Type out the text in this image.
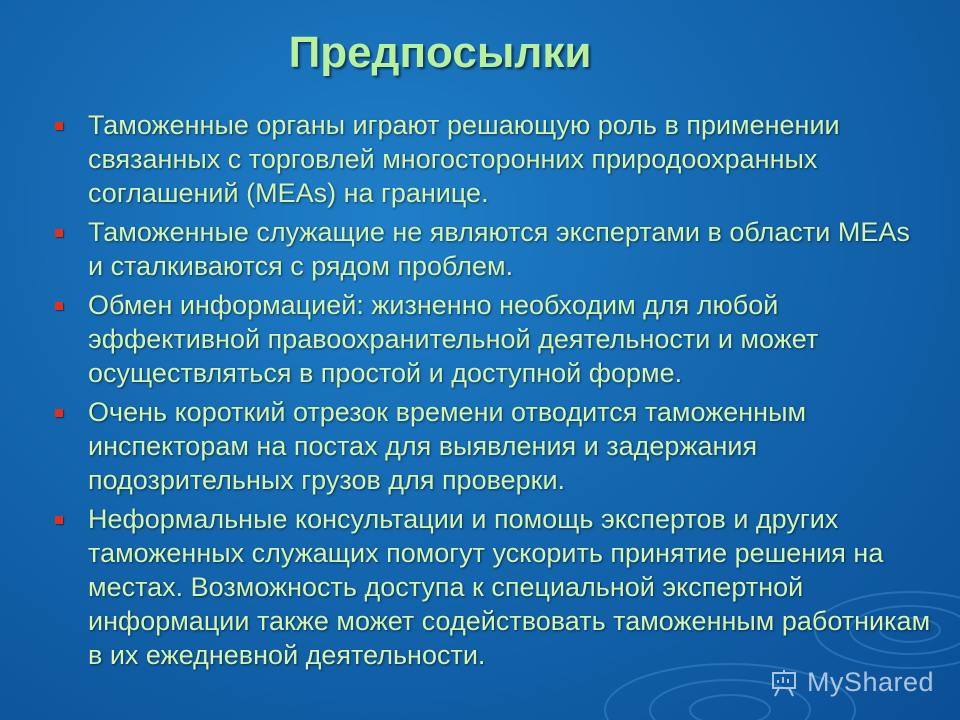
Предпосылки
Таможенные органы играют решающую роль в применении связанных с торговлей многосторонних природоохранных соглашений (MEAs) на границе.
Таможенные служащие не являются экспертами в области MEAs и сталкиваются с рядом проблем.
Обмен информацией: жизненно необходим для любой эффективной правоохранительной деятельности и может осуществляться в простой и доступной форме.
Очень короткий отрезок времени отводится таможенным инспекторам на постах для выявления и задержания подозрительных грузов для проверки.
Неформальные консультации и помощь экспертов и других таможенных служащих помогут ускорить принятие решения на местах. Возможность доступа к специальной экспертной информации также может содействовать таможенным работникам в их ежедневной деятельности.
MyShared
